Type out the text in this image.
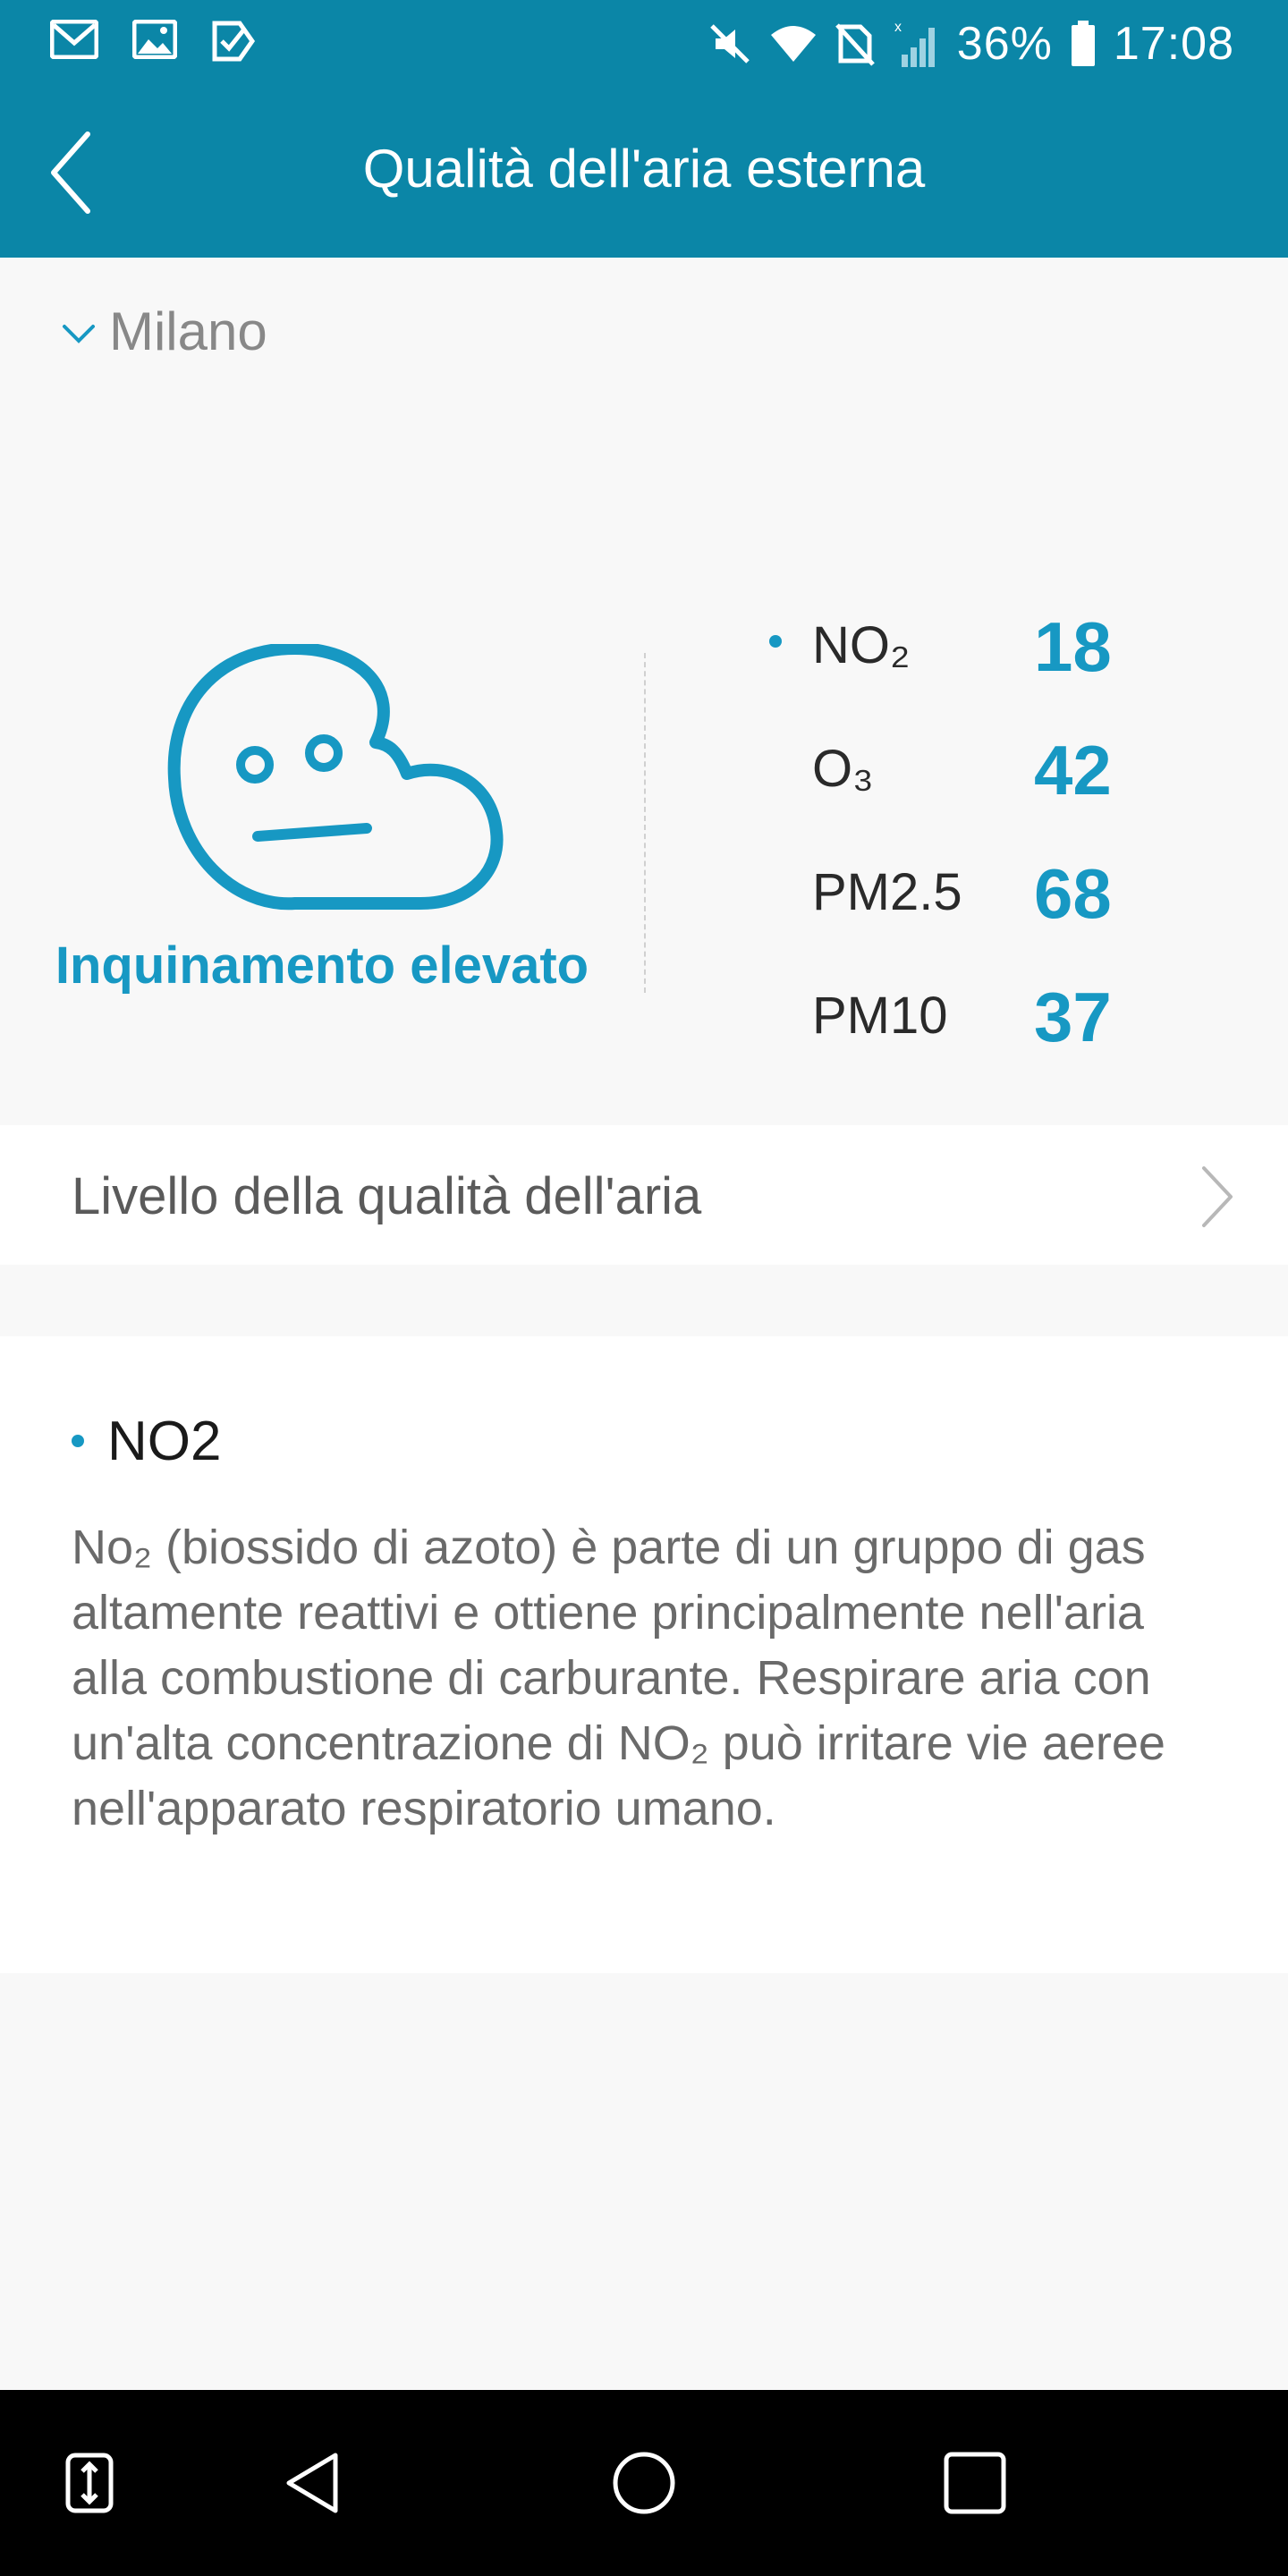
x 36% 17:08
Qualità dell'aria esterna
Milano
Inquinamento elevato
NO₂ 18
O₃ 42
PM2.5 68
PM10 37
Livello della qualità dell'aria
NO2
No₂ (biossido di azoto) è parte di un gruppo di gas altamente reattivi e ottiene principalmente nell'aria alla combustione di carburante. Respirare aria con un'alta concentrazione di NO₂ può irritare vie aeree nell'apparato respiratorio umano.
